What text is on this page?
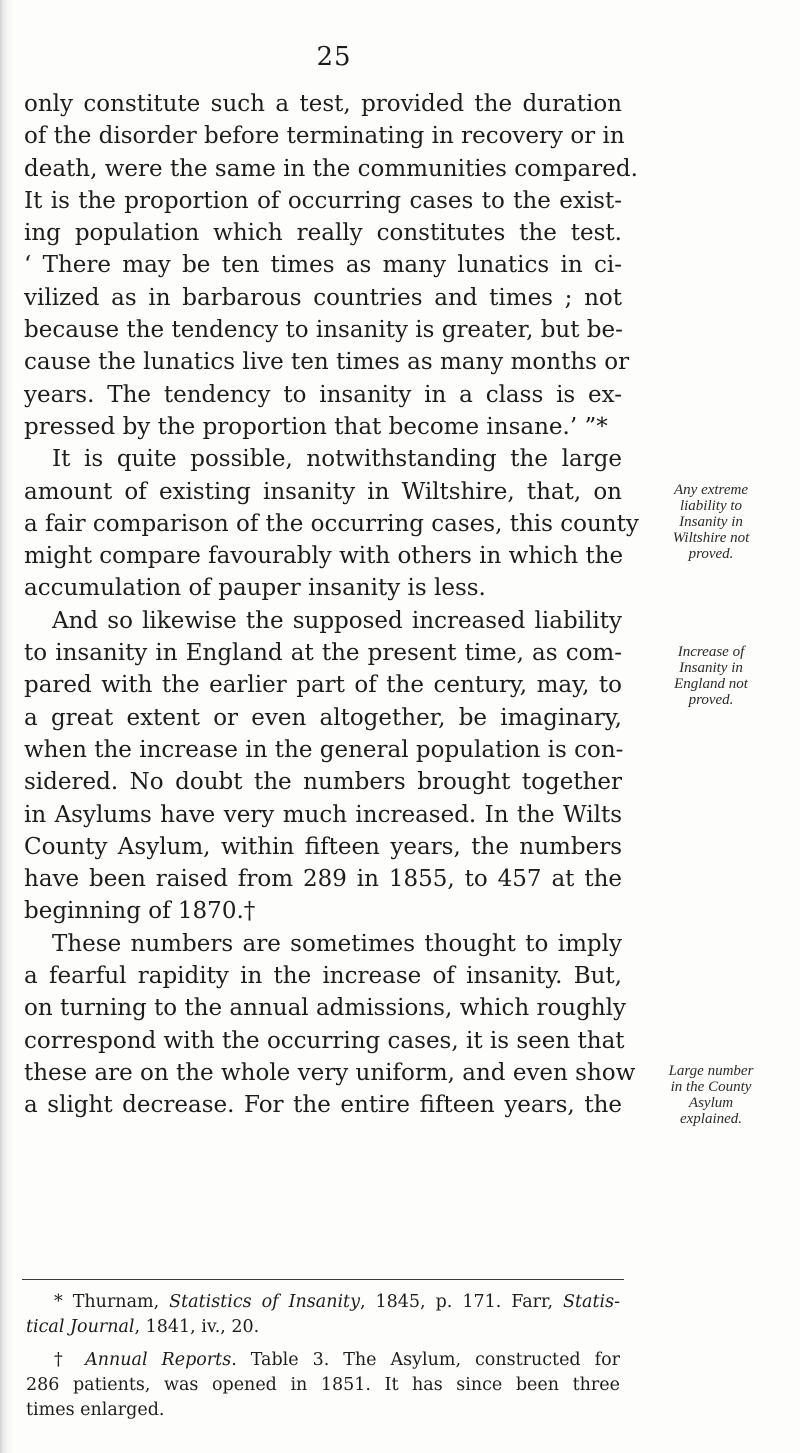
25
only constitute such a test, provided the duration
of the disorder before terminating in recovery or in
death, were the same in the communities compared.
It is the proportion of occurring cases to the exist-
ing population which really constitutes the test.
‘ There may be ten times as many lunatics in ci-
vilized as in barbarous countries and times ; not
because the tendency to insanity is greater, but be-
cause the lunatics live ten times as many months or
years. The tendency to insanity in a class is ex-
pressed by the proportion that become insane.’ ”*
It is quite possible, notwithstanding the large
amount of existing insanity in Wiltshire, that, on
a fair comparison of the occurring cases, this county
might compare favourably with others in which the
accumulation of pauper insanity is less.
And so likewise the supposed increased liability
to insanity in England at the present time, as com-
pared with the earlier part of the century, may, to
a great extent or even altogether, be imaginary,
when the increase in the general population is con-
sidered. No doubt the numbers brought together
in Asylums have very much increased. In the Wilts
County Asylum, within fifteen years, the numbers
have been raised from 289 in 1855, to 457 at the
beginning of 1870.†
These numbers are sometimes thought to imply
a fearful rapidity in the increase of insanity. But,
on turning to the annual admissions, which roughly
correspond with the occurring cases, it is seen that
these are on the whole very uniform, and even show
a slight decrease. For the entire fifteen years, the
Any extreme
liability to
Insanity in
Wiltshire not
proved.
Increase of
Insanity in
England not
proved.
Large number
in the County
Asylum
explained.
* Thurnam, Statistics of Insanity, 1845, p. 171. Farr, Statis-
tical Journal, 1841, iv., 20.
† Annual Reports. Table 3. The Asylum, constructed for
286 patients, was opened in 1851. It has since been three
times enlarged.
